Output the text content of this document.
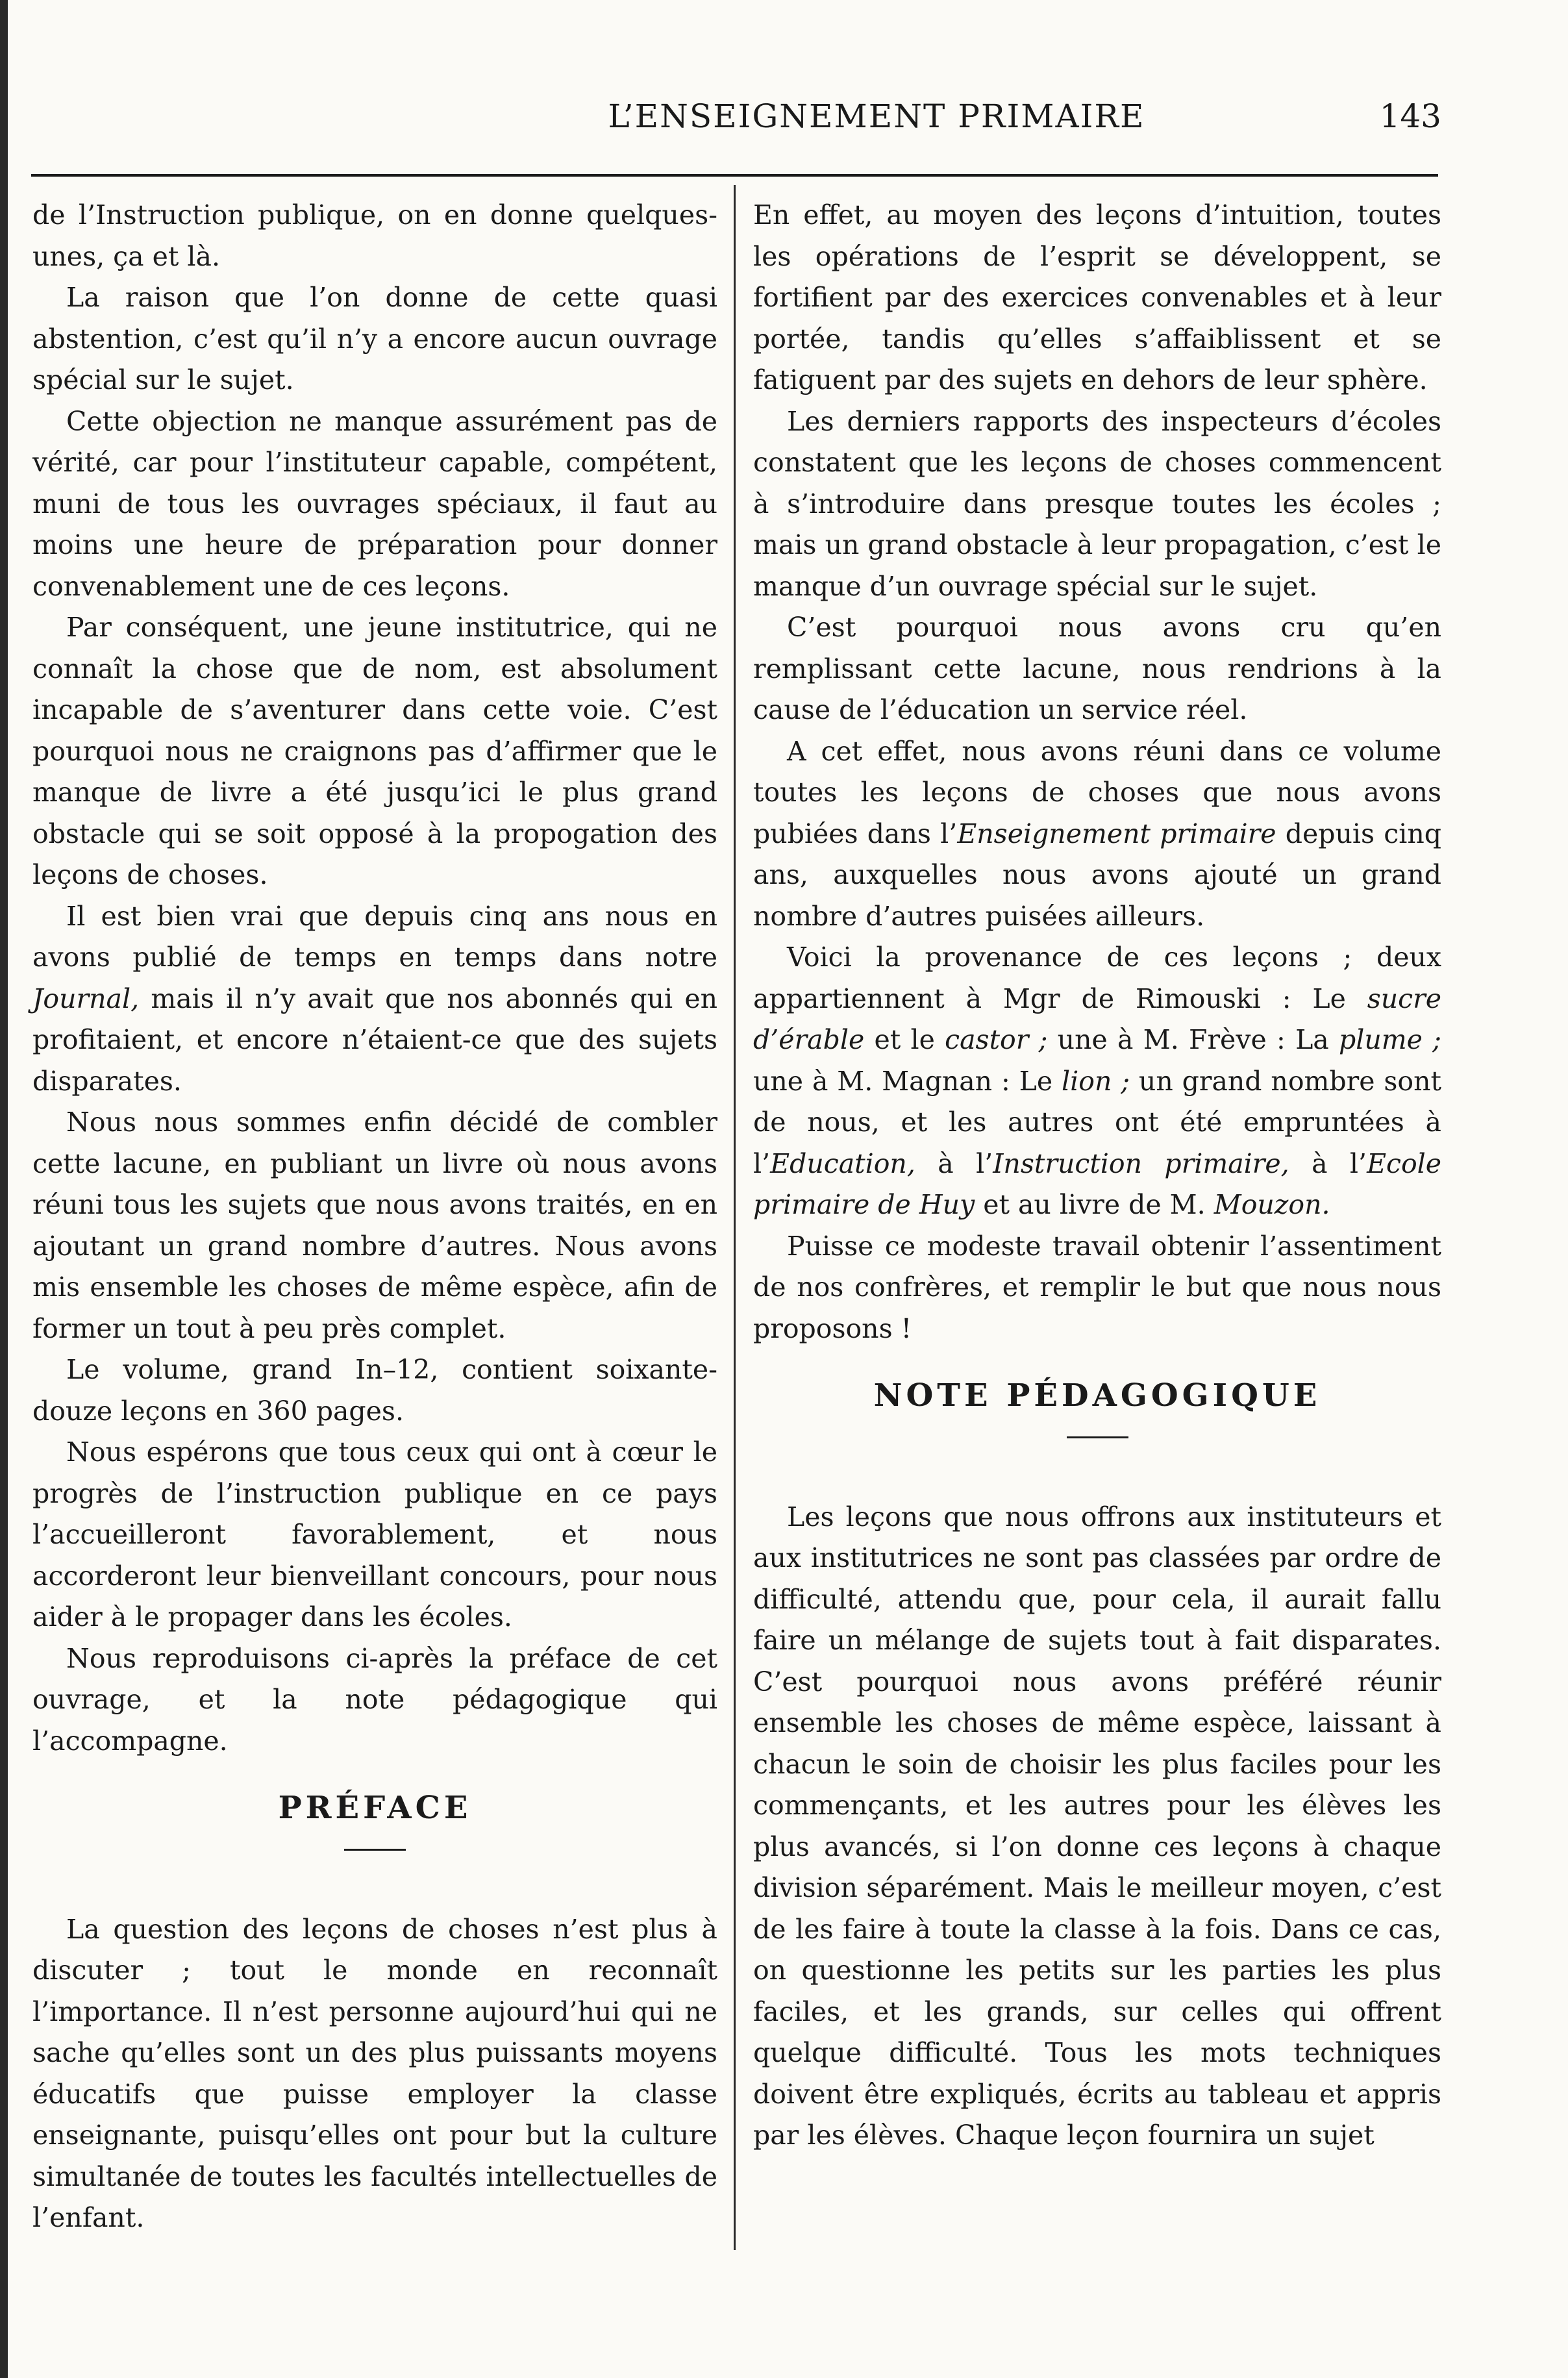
L’ENSEIGNEMENT PRIMAIRE	143

de l’Instruction publique, on en donne quelques-unes, ça et là.

La raison que l’on donne de cette quasi abstention, c’est qu’il n’y a encore aucun ouvrage spécial sur le sujet.

Cette objection ne manque assurément pas de vérité, car pour l’instituteur capable, compétent, muni de tous les ouvrages spéciaux, il faut au moins une heure de préparation pour donner convenablement une de ces leçons.

Par conséquent, une jeune institutrice, qui ne connaît la chose que de nom, est absolument incapable de s’aventurer dans cette voie. C’est pourquoi nous ne craignons pas d’affirmer que le manque de livre a été jusqu’ici le plus grand obstacle qui se soit opposé à la propogation des leçons de choses.

Il est bien vrai que depuis cinq ans nous en avons publié de temps en temps dans notre Journal, mais il n’y avait que nos abonnés qui en profitaient, et encore n’étaient-ce que des sujets disparates.

Nous nous sommes enfin décidé de combler cette lacune, en publiant un livre où nous avons réuni tous les sujets que nous avons traités, en en ajoutant un grand nombre d’autres. Nous avons mis ensemble les choses de même espèce, afin de former un tout à peu près complet.

Le volume, grand In–12, contient soixante-douze leçons en 360 pages.

Nous espérons que tous ceux qui ont à cœur le progrès de l’instruction publique en ce pays l’accueilleront favorablement, et nous accorderont leur bienveillant concours, pour nous aider à le propager dans les écoles.

Nous reproduisons ci-après la préface de cet ouvrage, et la note pédagogique qui l’accompagne.

PRÉFACE

La question des leçons de choses n’est plus à discuter ; tout le monde en reconnaît l’importance. Il n’est personne aujourd’hui qui ne sache qu’elles sont un des plus puissants moyens éducatifs que puisse employer la classe enseignante, puisqu’elles ont pour but la culture simultanée de toutes les facultés intellectuelles de l’enfant.

En effet, au moyen des leçons d’intuition, toutes les opérations de l’esprit se développent, se fortifient par des exercices convenables et à leur portée, tandis qu’elles s’affaiblissent et se fatiguent par des sujets en dehors de leur sphère.

Les derniers rapports des inspecteurs d’écoles constatent que les leçons de choses commencent à s’introduire dans presque toutes les écoles ; mais un grand obstacle à leur propagation, c’est le manque d’un ouvrage spécial sur le sujet.

C’est pourquoi nous avons cru qu’en remplissant cette lacune, nous rendrions à la cause de l’éducation un service réel.

A cet effet, nous avons réuni dans ce volume toutes les leçons de choses que nous avons pubiées dans l’Enseignement primaire depuis cinq ans, auxquelles nous avons ajouté un grand nombre d’autres puisées ailleurs.

Voici la provenance de ces leçons ; deux appartiennent à Mgr de Rimouski : Le sucre d’érable et le castor ; une à M. Frève : La plume ; une à M. Magnan : Le lion ; un grand nombre sont de nous, et les autres ont été empruntées à l’Education, à l’Instruction primaire, à l’Ecole primaire de Huy et au livre de M. Mouzon.

Puisse ce modeste travail obtenir l’assentiment de nos confrères, et remplir le but que nous nous proposons !

NOTE PÉDAGOGIQUE

Les leçons que nous offrons aux instituteurs et aux institutrices ne sont pas classées par ordre de difficulté, attendu que, pour cela, il aurait fallu faire un mélange de sujets tout à fait disparates. C’est pourquoi nous avons préféré réunir ensemble les choses de même espèce, laissant à chacun le soin de choisir les plus faciles pour les commençants, et les autres pour les élèves les plus avancés, si l’on donne ces leçons à chaque division séparément. Mais le meilleur moyen, c’est de les faire à toute la classe à la fois. Dans ce cas, on questionne les petits sur les parties les plus faciles, et les grands, sur celles qui offrent quelque difficulté. Tous les mots techniques doivent être expliqués, écrits au tableau et appris par les élèves. Chaque leçon fournira un sujet
